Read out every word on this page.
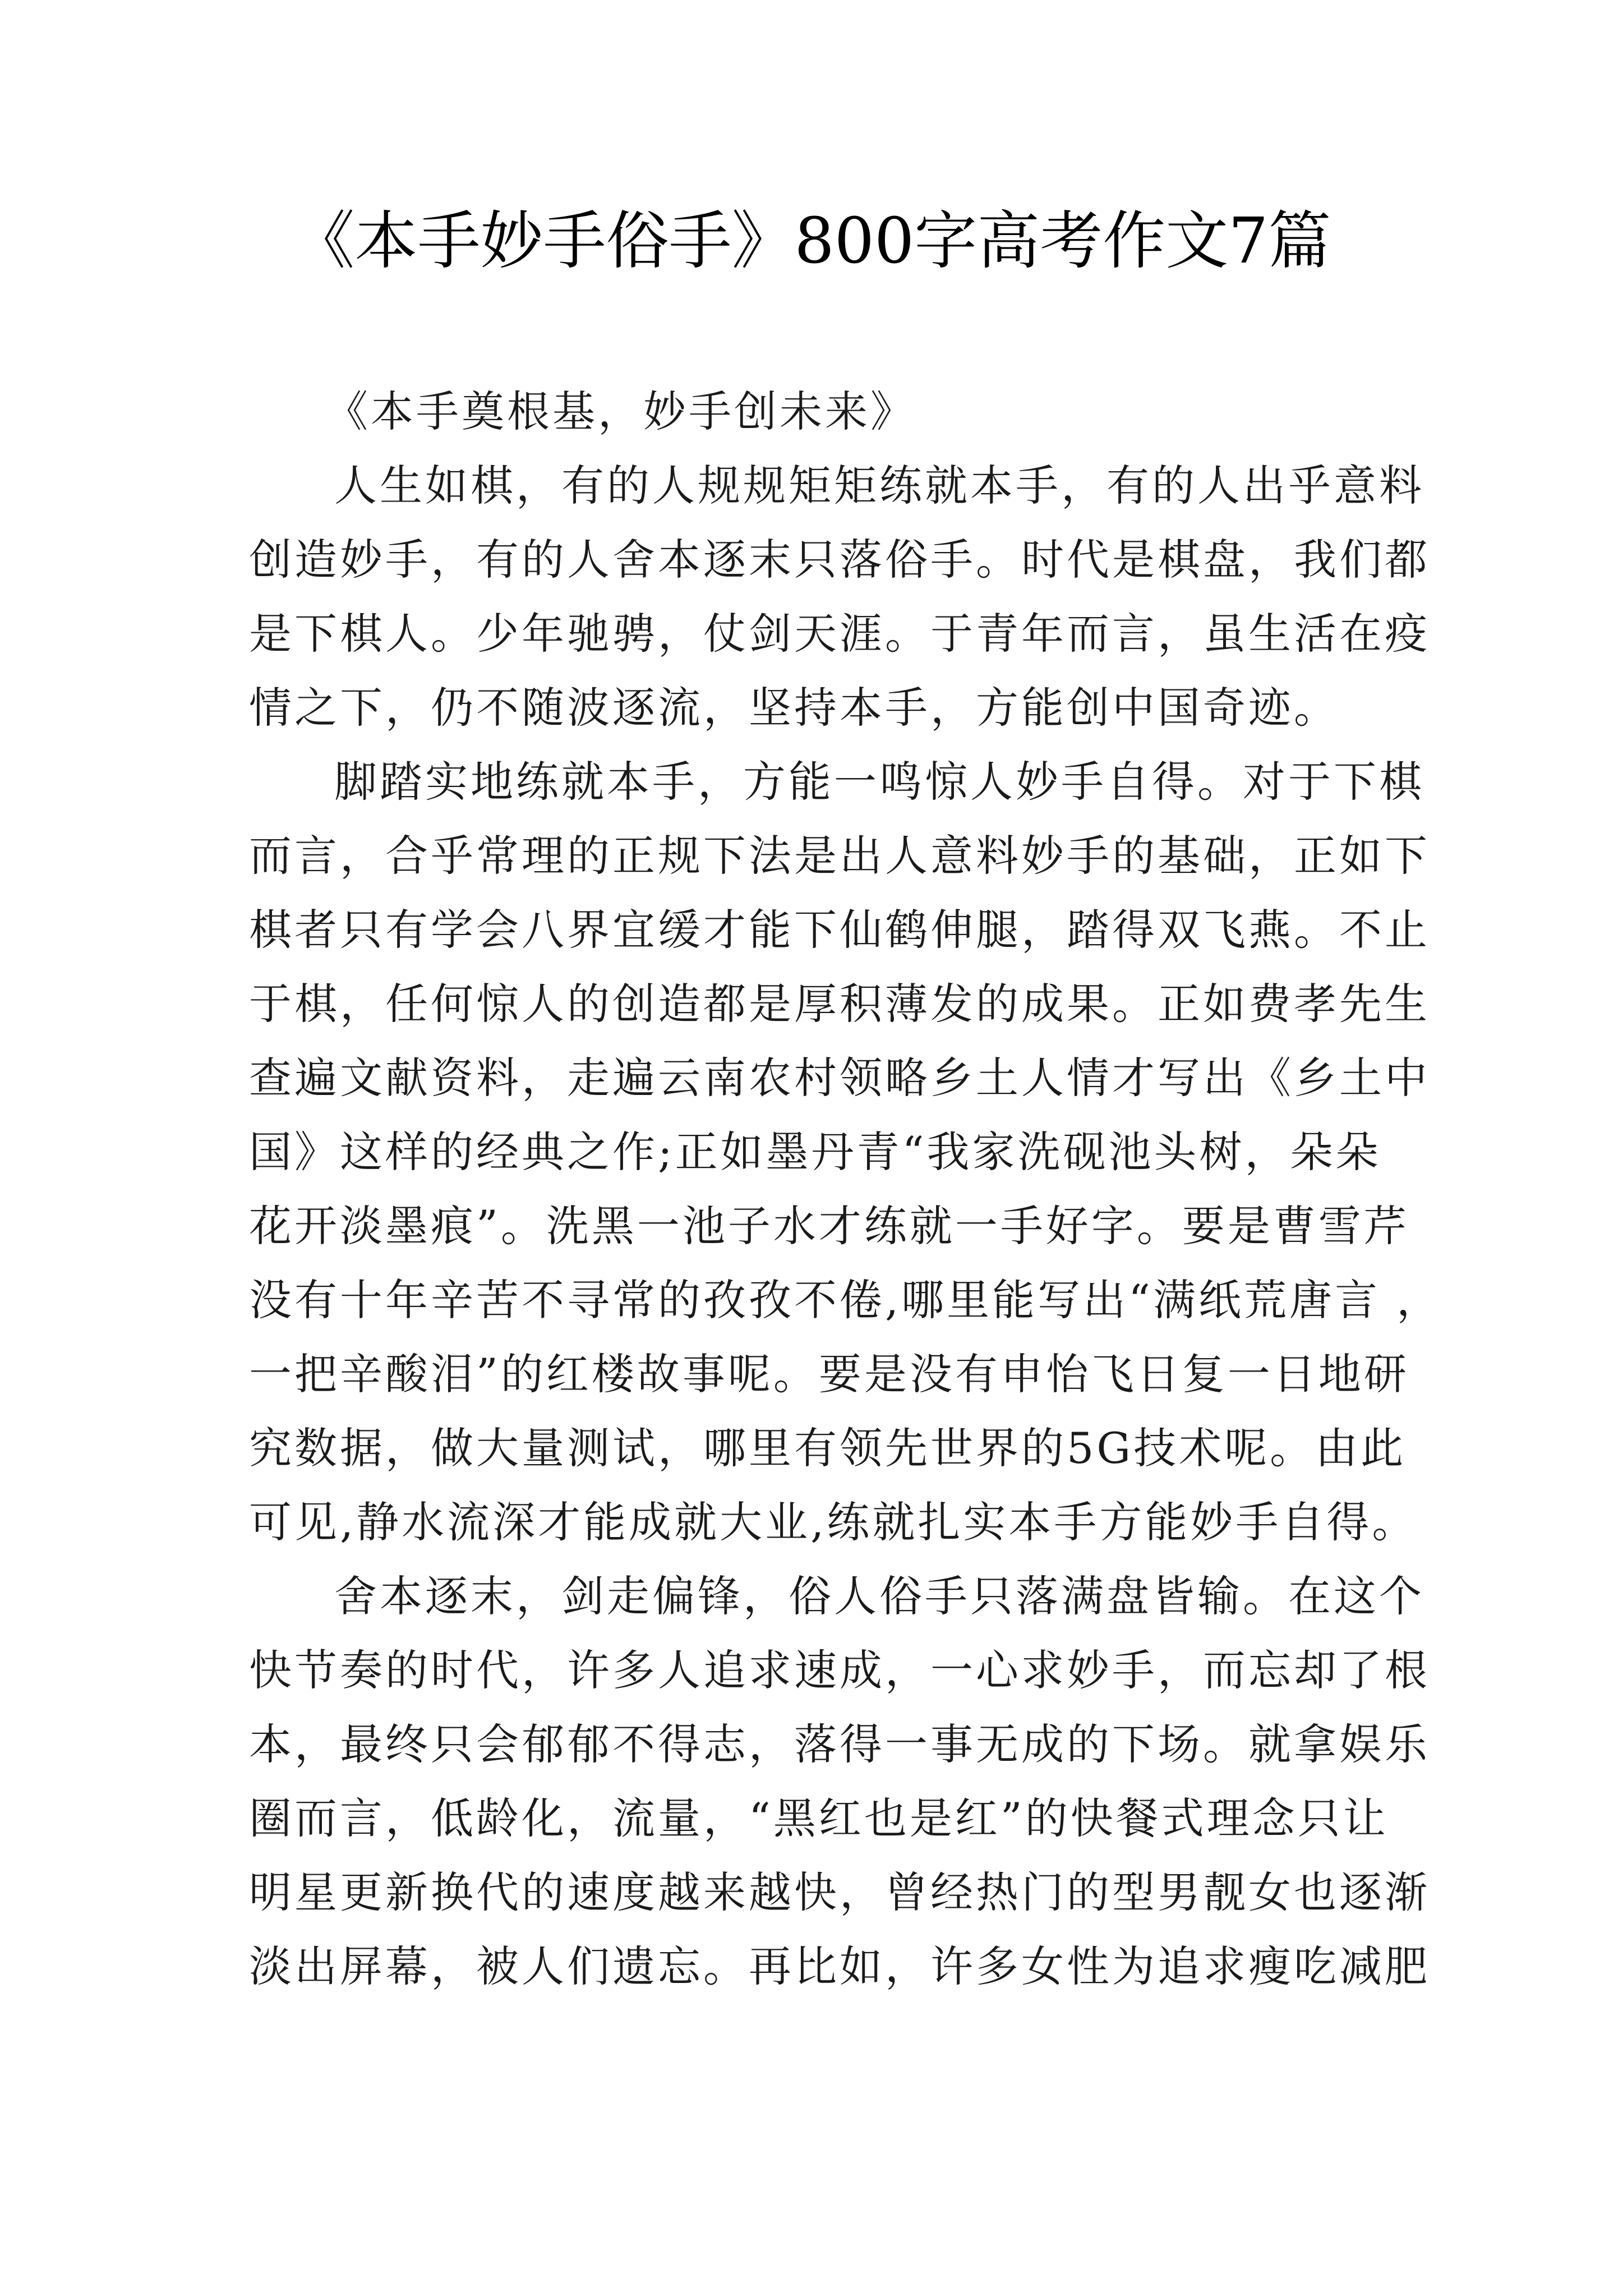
《本手妙手俗手》800字高考作文7篇

《本手奠根基，妙手创未来》

人生如棋，有的人规规矩矩练就本手，有的人出乎意料
创造妙手，有的人舍本逐末只落俗手。时代是棋盘，我们都
是下棋人。少年驰骋，仗剑天涯。于青年而言，虽生活在疫
情之下，仍不随波逐流，坚持本手，方能创中国奇迹。
脚踏实地练就本手，方能一鸣惊人妙手自得。对于下棋
而言，合乎常理的正规下法是出人意料妙手的基础，正如下
棋者只有学会八界宜缓才能下仙鹤伸腿，踏得双飞燕。不止
于棋，任何惊人的创造都是厚积薄发的成果。正如费孝先生
查遍文献资料，走遍云南农村领略乡土人情才写出《乡土中
国》这样的经典之作;正如墨丹青“我家洗砚池头树，朵朵
花开淡墨痕”。洗黑一池子水才练就一手好字。要是曹雪芹
没有十年辛苦不寻常的孜孜不倦,哪里能写出“满纸荒唐言 ，
一把辛酸泪”的红楼故事呢。要是没有申怡飞日复一日地研
究数据，做大量测试，哪里有领先世界的5G技术呢。由此
可见,静水流深才能成就大业,练就扎实本手方能妙手自得。
舍本逐末，剑走偏锋，俗人俗手只落满盘皆输。在这个
快节奏的时代，许多人追求速成，一心求妙手，而忘却了根
本，最终只会郁郁不得志，落得一事无成的下场。就拿娱乐
圈而言，低龄化，流量，“黑红也是红”的快餐式理念只让
明星更新换代的速度越来越快，曾经热门的型男靓女也逐渐
淡出屏幕，被人们遗忘。再比如，许多女性为追求瘦吃减肥
